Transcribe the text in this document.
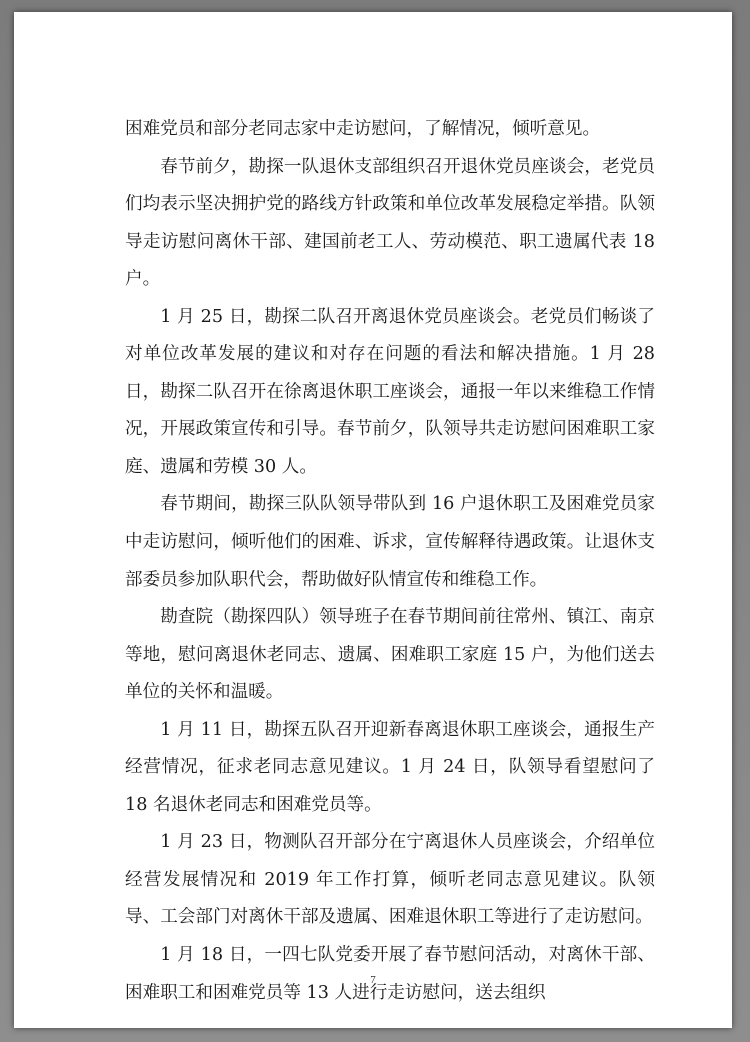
困难党员和部分老同志家中走访慰问，了解情况，倾听意见。

春节前夕，勘探一队退休支部组织召开退休党员座谈会，老党员们均表示坚决拥护党的路线方针政策和单位改革发展稳定举措。队领导走访慰问离休干部、建国前老工人、劳动模范、职工遗属代表 18 户。

1 月 25 日，勘探二队召开离退休党员座谈会。老党员们畅谈了对单位改革发展的建议和对存在问题的看法和解决措施。1 月 28 日，勘探二队召开在徐离退休职工座谈会，通报一年以来维稳工作情况，开展政策宣传和引导。春节前夕，队领导共走访慰问困难职工家庭、遗属和劳模 30 人。

春节期间，勘探三队队领导带队到 16 户退休职工及困难党员家中走访慰问，倾听他们的困难、诉求，宣传解释待遇政策。让退休支部委员参加队职代会，帮助做好队情宣传和维稳工作。

勘查院（勘探四队）领导班子在春节期间前往常州、镇江、南京等地，慰问离退休老同志、遗属、困难职工家庭 15 户，为他们送去单位的关怀和温暖。

1 月 11 日，勘探五队召开迎新春离退休职工座谈会，通报生产经营情况，征求老同志意见建议。1 月 24 日，队领导看望慰问了 18 名退休老同志和困难党员等。

1 月 23 日，物测队召开部分在宁离退休人员座谈会，介绍单位经营发展情况和 2019 年工作打算，倾听老同志意见建议。队领导、工会部门对离休干部及遗属、困难退休职工等进行了走访慰问。

1 月 18 日，一四七队党委开展了春节慰问活动，对离休干部、困难职工和困难党员等 13 人进行走访慰问，送去组织

7
